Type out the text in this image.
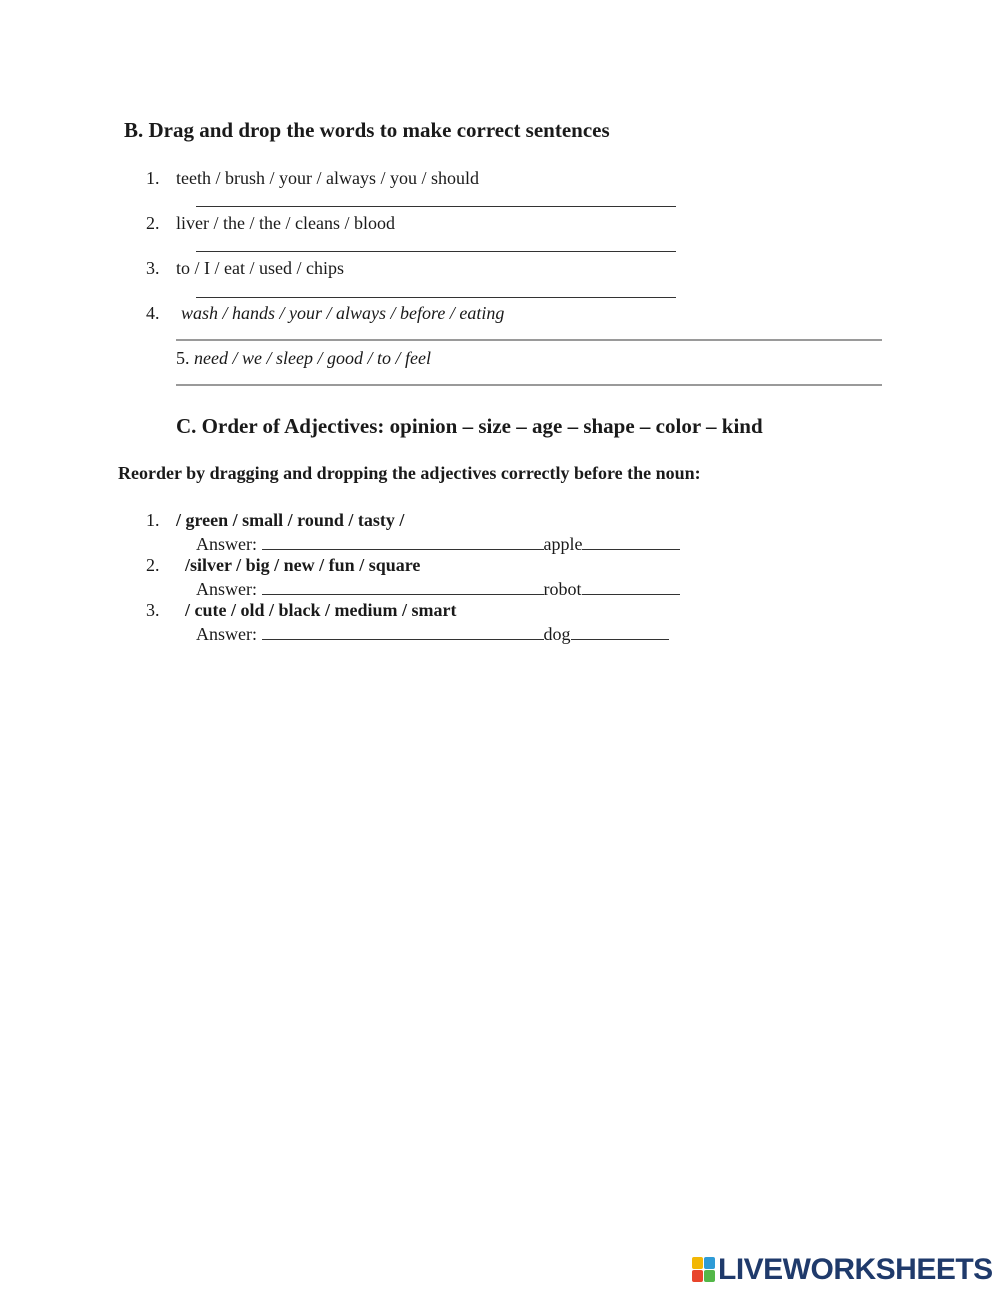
B. Drag and drop the words to make correct sentences
1. teeth / brush / your / always / you / should
2. liver / the / the / cleans / blood
3. to / I / eat / used / chips
4. wash / hands / your / always / before / eating
5. need / we / sleep / good / to / feel
C. Order of Adjectives: opinion – size – age – shape – color – kind
Reorder by dragging and dropping the adjectives correctly before the noun:
1. / green / small / round / tasty /
Answer:	apple
2. /silver / big / new / fun / square
Answer:	robot
3. / cute / old / black / medium / smart
Answer:	dog
LIVEWORKSHEETS
